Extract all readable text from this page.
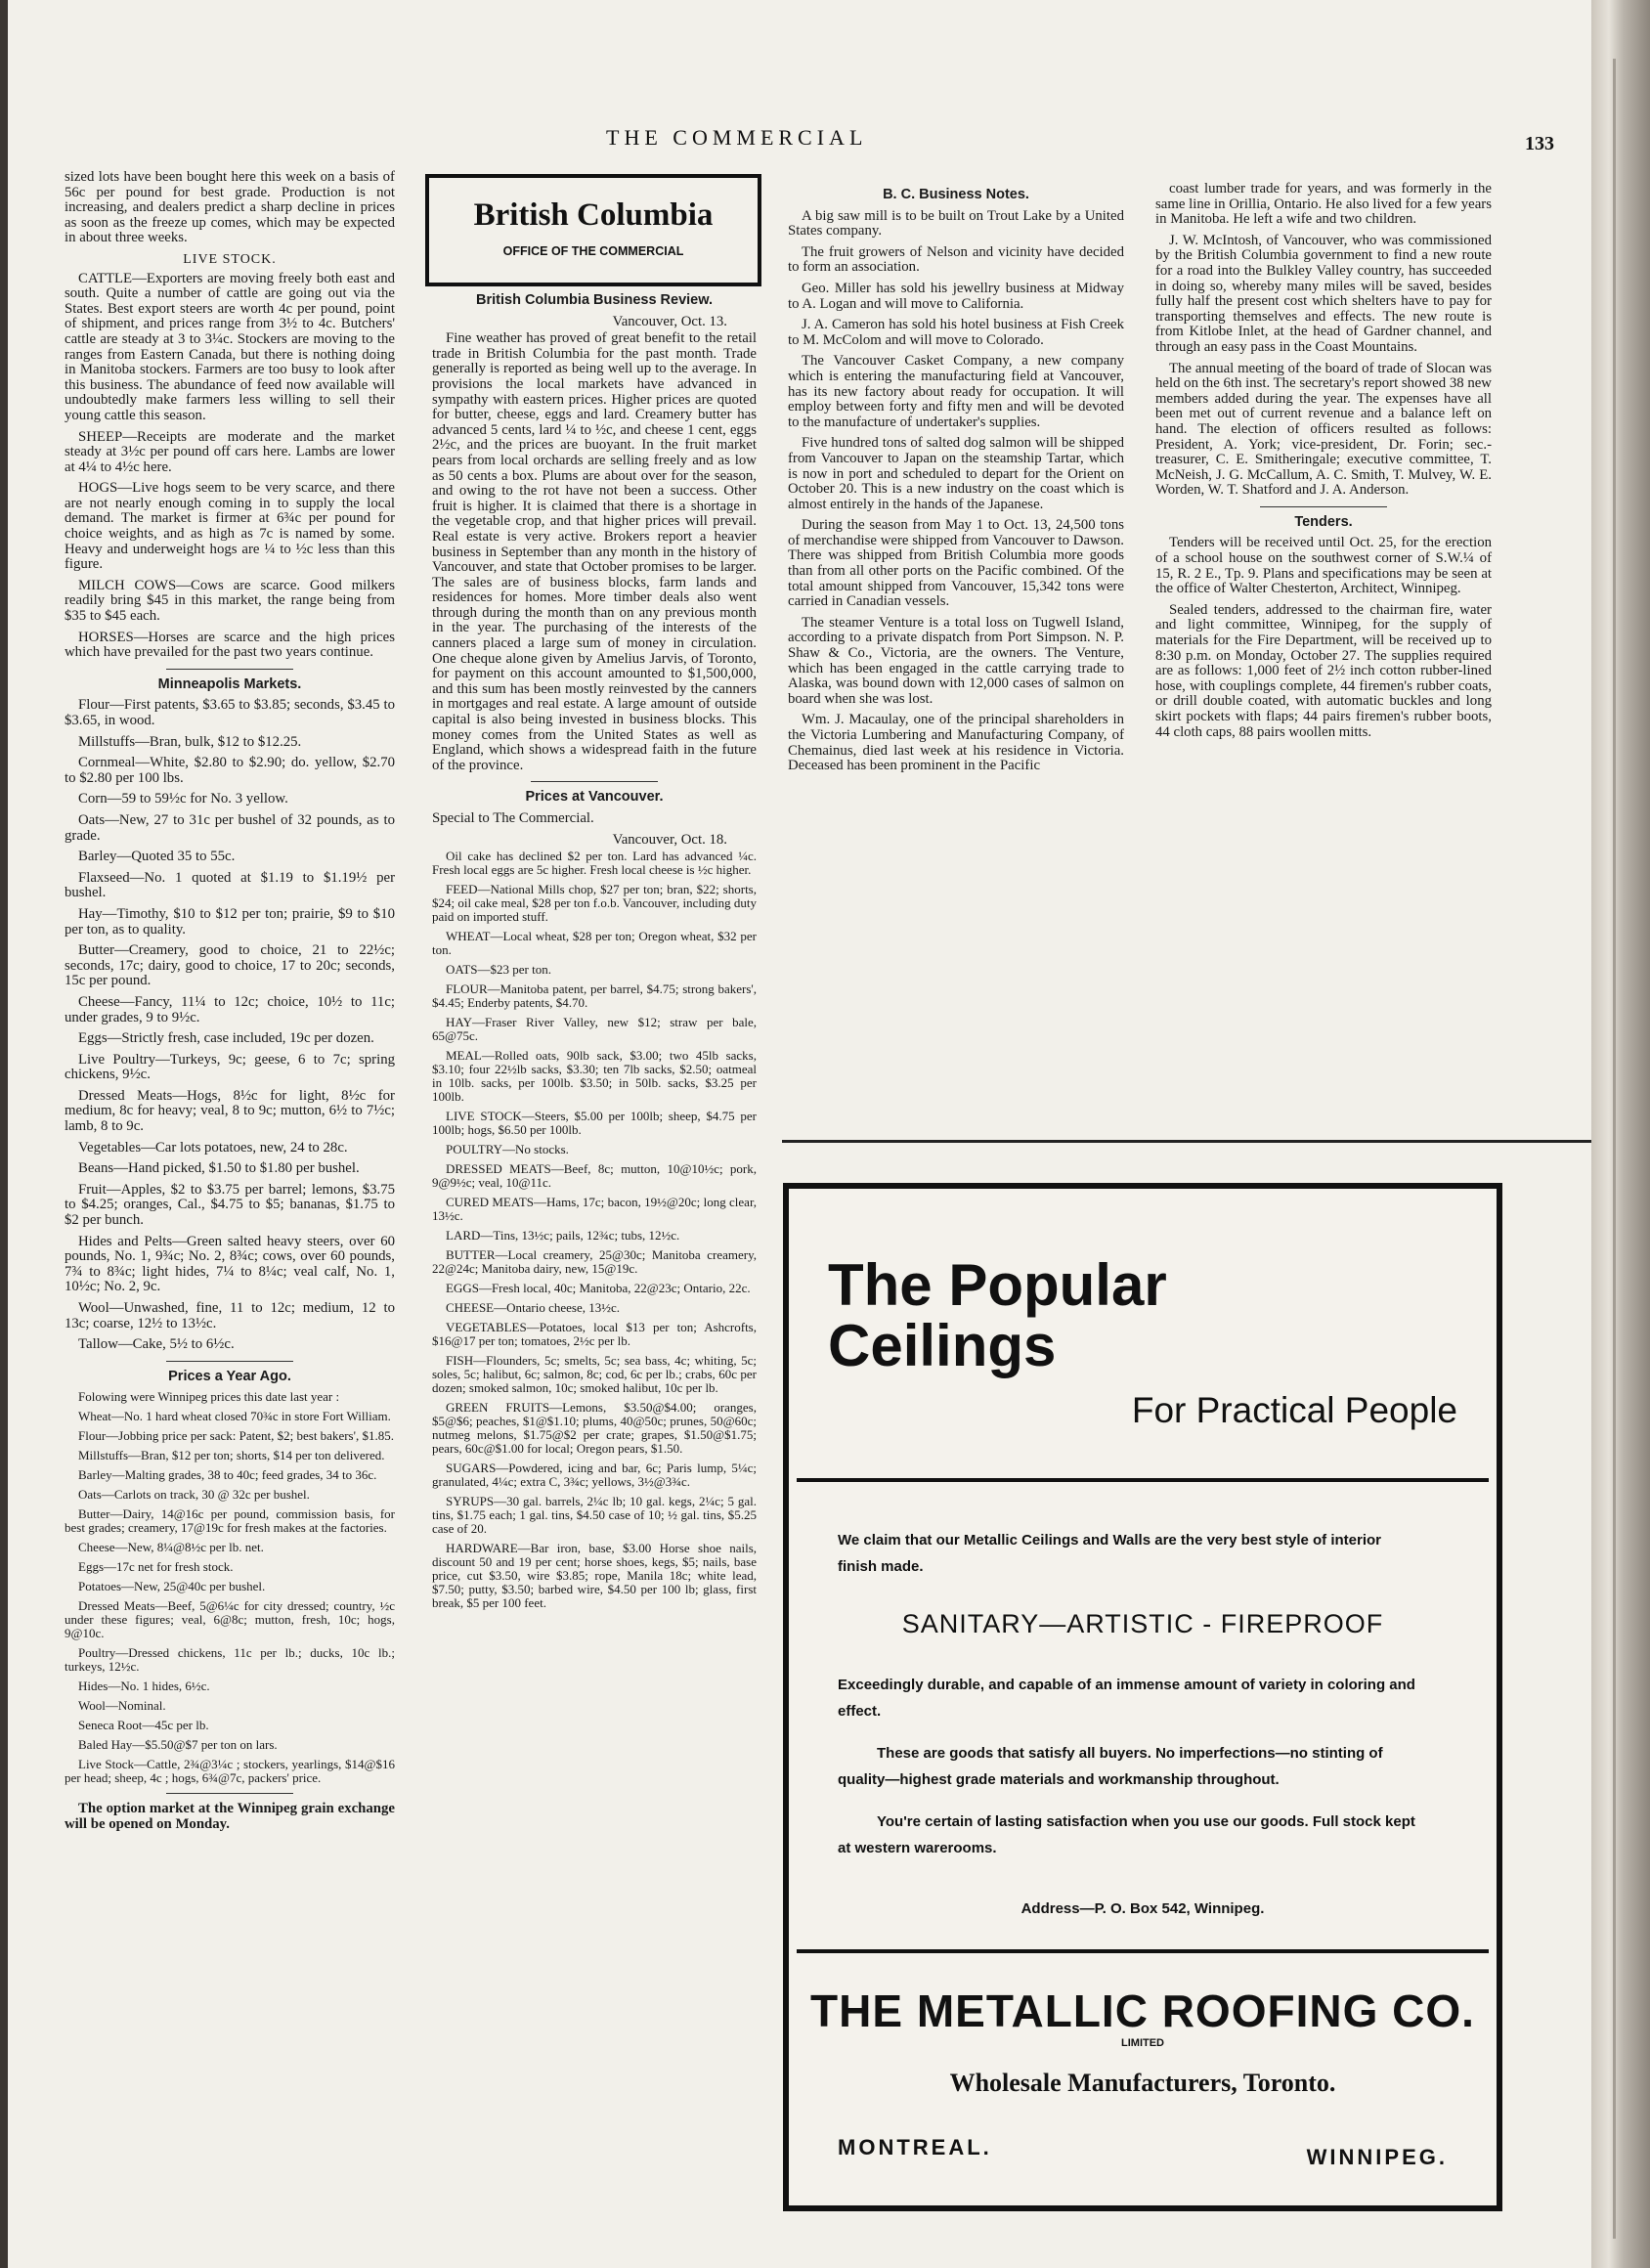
THE COMMERCIAL	133

sized lots have been bought here this week on a basis of 56c per pound for best grade. Production is not increasing, and dealers predict a sharp decline in prices as soon as the freeze up comes, which may be expected in about three weeks.

LIVE STOCK.

CATTLE—Exporters are moving freely both east and south. Quite a number of cattle are going out via the States. Best export steers are worth 4c per pound, point of shipment, and prices range from 3½ to 4c. Butchers' cattle are steady at 3 to 3¼c. Stockers are moving to the ranges from Eastern Canada, but there is nothing doing in Manitoba stockers. Farmers are too busy to look after this business. The abundance of feed now available will undoubtedly make farmers less willing to sell their young cattle this season.

SHEEP—Receipts are moderate and the market steady at 3½c per pound off cars here. Lambs are lower at 4¼ to 4½c here.

HOGS—Live hogs seem to be very scarce, and there are not nearly enough coming in to supply the local demand. The market is firmer at 6¾c per pound for choice weights, and as high as 7c is named by some. Heavy and underweight hogs are ¼ to ½c less than this figure.

MILCH COWS—Cows are scarce. Good milkers readily bring $45 in this market, the range being from $35 to $45 each.

HORSES—Horses are scarce and the high prices which have prevailed for the past two years continue.

Minneapolis Markets.

Flour—First patents, $3.65 to $3.85; seconds, $3.45 to $3.65, in wood.

Millstuffs—Bran, bulk, $12 to $12.25.

Cornmeal—White, $2.80 to $2.90; do. yellow, $2.70 to $2.80 per 100 lbs.

Corn—59 to 59½c for No. 3 yellow.

Oats—New, 27 to 31c per bushel of 32 pounds, as to grade.

Barley—Quoted 35 to 55c.

Flaxseed—No. 1 quoted at $1.19 to $1.19½ per bushel.

Hay—Timothy, $10 to $12 per ton; prairie, $9 to $10 per ton, as to quality.

Butter—Creamery, good to choice, 21 to 22½c; seconds, 17c; dairy, good to choice, 17 to 20c; seconds, 15c per pound.

Cheese—Fancy, 11¼ to 12c; choice, 10½ to 11c; under grades, 9 to 9½c.

Eggs—Strictly fresh, case included, 19c per dozen.

Live Poultry—Turkeys, 9c; geese, 6 to 7c; spring chickens, 9½c.

Dressed Meats—Hogs, 8½c for light, 8½c for medium, 8c for heavy; veal, 8 to 9c; mutton, 6½ to 7½c; lamb, 8 to 9c.

Vegetables—Car lots potatoes, new, 24 to 28c.

Beans—Hand picked, $1.50 to $1.80 per bushel.

Fruit—Apples, $2 to $3.75 per barrel; lemons, $3.75 to $4.25; oranges, Cal., $4.75 to $5; bananas, $1.75 to $2 per bunch.

Hides and Pelts—Green salted heavy steers, over 60 pounds, No. 1, 9¾c; No. 2, 8¾c; cows, over 60 pounds, 7¾ to 8¾c; light hides, 7¼ to 8¼c; veal calf, No. 1, 10½c; No. 2, 9c.

Wool—Unwashed, fine, 11 to 12c; medium, 12 to 13c; coarse, 12½ to 13½c.

Tallow—Cake, 5½ to 6½c.

Prices a Year Ago.

Folowing were Winnipeg prices this date last year :

Wheat—No. 1 hard wheat closed 70¾c in store Fort William.

Flour—Jobbing price per sack: Patent, $2; best bakers', $1.85.

Millstuffs—Bran, $12 per ton; shorts, $14 per ton delivered.

Barley—Malting grades, 38 to 40c; feed grades, 34 to 36c.

Oats—Carlots on track, 30 @ 32c per bushel.

Butter—Dairy, 14@16c per pound, commission basis, for best grades; creamery, 17@19c for fresh makes at the factories.

Cheese—New, 8¼@8½c per lb. net.

Eggs—17c net for fresh stock.

Potatoes—New, 25@40c per bushel.

Dressed Meats—Beef, 5@6¼c for city dressed; country, ½c under these figures; veal, 6@8c; mutton, fresh, 10c; hogs, 9@10c.

Poultry—Dressed chickens, 11c per lb.; ducks, 10c lb.; turkeys, 12½c.

Hides—No. 1 hides, 6½c.

Wool—Nominal.

Seneca Root—45c per lb.

Baled Hay—$5.50@$7 per ton on lars.

Live Stock—Cattle, 2¾@3¼c ; stockers, yearlings, $14@$16 per head; sheep, 4c ; hogs, 6¾@7c, packers' price.

The option market at the Winnipeg grain exchange will be opened on Monday.

British Columbia
OFFICE OF THE COMMERCIAL
British Columbia Business Review.
Vancouver, Oct. 13.

Fine weather has proved of great benefit to the retail trade in British Columbia for the past month. Trade generally is reported as being well up to the average. In provisions the local markets have advanced in sympathy with eastern prices. Higher prices are quoted for butter, cheese, eggs and lard. Creamery butter has advanced 5 cents, lard ¼ to ½c, and cheese 1 cent, eggs 2½c, and the prices are buoyant. In the fruit market pears from local orchards are selling freely and as low as 50 cents a box. Plums are about over for the season, and owing to the rot have not been a success. Other fruit is higher. It is claimed that there is a shortage in the vegetable crop, and that higher prices will prevail. Real estate is very active. Brokers report a heavier business in September than any month in the history of Vancouver, and state that October promises to be larger. The sales are of business blocks, farm lands and residences for homes. More timber deals also went through during the month than on any previous month in the year. The purchasing of the interests of the canners placed a large sum of money in circulation. One cheque alone given by Amelius Jarvis, of Toronto, for payment on this account amounted to $1,500,000, and this sum has been mostly reinvested by the canners in mortgages and real estate. A large amount of outside capital is also being invested in business blocks. This money comes from the United States as well as England, which shows a widespread faith in the future of the province.

Prices at Vancouver.

Special to The Commercial.

Vancouver, Oct. 18.

Oil cake has declined $2 per ton. Lard has advanced ¼c. Fresh local eggs are 5c higher. Fresh local cheese is ½c higher.

FEED—National Mills chop, $27 per ton; bran, $22; shorts, $24; oil cake meal, $28 per ton f.o.b. Vancouver, including duty paid on imported stuff.

WHEAT—Local wheat, $28 per ton; Oregon wheat, $32 per ton.

OATS—$23 per ton.

FLOUR—Manitoba patent, per barrel, $4.75; strong bakers', $4.45; Enderby patents, $4.70.

HAY—Fraser River Valley, new $12; straw per bale, 65@75c.

MEAL—Rolled oats, 90lb sack, $3.00; two 45lb sacks, $3.10; four 22½lb sacks, $3.30; ten 7lb sacks, $2.50; oatmeal in 10lb. sacks, per 100lb. $3.50; in 50lb. sacks, $3.25 per 100lb.

LIVE STOCK—Steers, $5.00 per 100lb; sheep, $4.75 per 100lb; hogs, $6.50 per 100lb.

POULTRY—No stocks.

DRESSED MEATS—Beef, 8c; mutton, 10@10½c; pork, 9@9½c; veal, 10@11c.

CURED MEATS—Hams, 17c; bacon, 19½@20c; long clear, 13½c.

LARD—Tins, 13½c; pails, 12¾c; tubs, 12½c.

BUTTER—Local creamery, 25@30c; Manitoba creamery, 22@24c; Manitoba dairy, new, 15@19c.

EGGS—Fresh local, 40c; Manitoba, 22@23c; Ontario, 22c.

CHEESE—Ontario cheese, 13½c.

VEGETABLES—Potatoes, local $13 per ton; Ashcrofts, $16@17 per ton; tomatoes, 2½c per lb.

FISH—Flounders, 5c; smelts, 5c; sea bass, 4c; whiting, 5c; soles, 5c; halibut, 6c; salmon, 8c; cod, 6c per lb.; crabs, 60c per dozen; smoked salmon, 10c; smoked halibut, 10c per lb.

GREEN FRUITS—Lemons, $3.50@$4.00; oranges, $5@$6; peaches, $1@$1.10; plums, 40@50c; prunes, 50@60c; nutmeg melons, $1.75@$2 per crate; grapes, $1.50@$1.75; pears, 60c@$1.00 for local; Oregon pears, $1.50.

SUGARS—Powdered, icing and bar, 6c; Paris lump, 5¼c; granulated, 4¼c; extra C, 3¾c; yellows, 3½@3¾c.

SYRUPS—30 gal. barrels, 2¼c lb; 10 gal. kegs, 2¼c; 5 gal. tins, $1.75 each; 1 gal. tins, $4.50 case of 10; ½ gal. tins, $5.25 case of 20.

HARDWARE—Bar iron, base, $3.00 Horse shoe nails, discount 50 and 19 per cent; horse shoes, kegs, $5; nails, base price, cut $3.50, wire $3.85; rope, Manila 18c; white lead, $7.50; putty, $3.50; barbed wire, $4.50 per 100 lb; glass, first break, $5 per 100 feet.

B. C. Business Notes.

A big saw mill is to be built on Trout Lake by a United States company.

The fruit growers of Nelson and vicinity have decided to form an association.

Geo. Miller has sold his jewellry business at Midway to A. Logan and will move to California.

J. A. Cameron has sold his hotel business at Fish Creek to M. McColom and will move to Colorado.

The Vancouver Casket Company, a new company which is entering the manufacturing field at Vancouver, has its new factory about ready for occupation. It will employ between forty and fifty men and will be devoted to the manufacture of undertaker's supplies.

Five hundred tons of salted dog salmon will be shipped from Vancouver to Japan on the steamship Tartar, which is now in port and scheduled to depart for the Orient on October 20. This is a new industry on the coast which is almost entirely in the hands of the Japanese.

During the season from May 1 to Oct. 13, 24,500 tons of merchandise were shipped from Vancouver to Dawson. There was shipped from British Columbia more goods than from all other ports on the Pacific combined. Of the total amount shipped from Vancouver, 15,342 tons were carried in Canadian vessels.

The steamer Venture is a total loss on Tugwell Island, according to a private dispatch from Port Simpson. N. P. Shaw & Co., Victoria, are the owners. The Venture, which has been engaged in the cattle carrying trade to Alaska, was bound down with 12,000 cases of salmon on board when she was lost.

Wm. J. Macaulay, one of the principal shareholders in the Victoria Lumbering and Manufacturing Company, of Chemainus, died last week at his residence in Victoria. Deceased has been prominent in the Pacific

coast lumber trade for years, and was formerly in the same line in Orillia, Ontario. He also lived for a few years in Manitoba. He left a wife and two children.

J. W. McIntosh, of Vancouver, who was commissioned by the British Columbia government to find a new route for a road into the Bulkley Valley country, has succeeded in doing so, whereby many miles will be saved, besides fully half the present cost which shelters have to pay for transporting themselves and effects. The new route is from Kitlobe Inlet, at the head of Gardner channel, and through an easy pass in the Coast Mountains.

The annual meeting of the board of trade of Slocan was held on the 6th inst. The secretary's report showed 38 new members added during the year. The expenses have all been met out of current revenue and a balance left on hand. The election of officers resulted as follows: President, A. York; vice-president, Dr. Forin; sec.-treasurer, C. E. Smitheringale; executive committee, T. McNeish, J. G. McCallum, A. C. Smith, T. Mulvey, W. E. Worden, W. T. Shatford and J. A. Anderson.

Tenders.

Tenders will be received until Oct. 25, for the erection of a school house on the southwest corner of S.W.¼ of 15, R. 2 E., Tp. 9. Plans and specifications may be seen at the office of Walter Chesterton, Architect, Winnipeg.

Sealed tenders, addressed to the chairman fire, water and light committee, Winnipeg, for the supply of materials for the Fire Department, will be received up to 8:30 p.m. on Monday, October 27. The supplies required are as follows: 1,000 feet of 2½ inch cotton rubber-lined hose, with couplings complete, 44 firemen's rubber coats, or drill double coated, with automatic buckles and long skirt pockets with flaps; 44 pairs firemen's rubber boots, 44 cloth caps, 88 pairs woollen mitts.

The Popular
Ceilings
For Practical People
We claim that our Metallic Ceilings and Walls are the very best style of interior finish made.
SANITARY—ARTISTIC - FIREPROOF

Exceedingly durable, and capable of an immense amount of variety in coloring and effect.

These are goods that satisfy all buyers. No imperfections—no stinting of quality—highest grade materials and workmanship throughout.

You're certain of lasting satisfaction when you use our goods. Full stock kept at western warerooms.

Address—P. O. Box 542, Winnipeg.
THE METALLIC ROOFING CO.
LIMITED
Wholesale Manufacturers, Toronto.
MONTREAL.	WINNIPEG.
